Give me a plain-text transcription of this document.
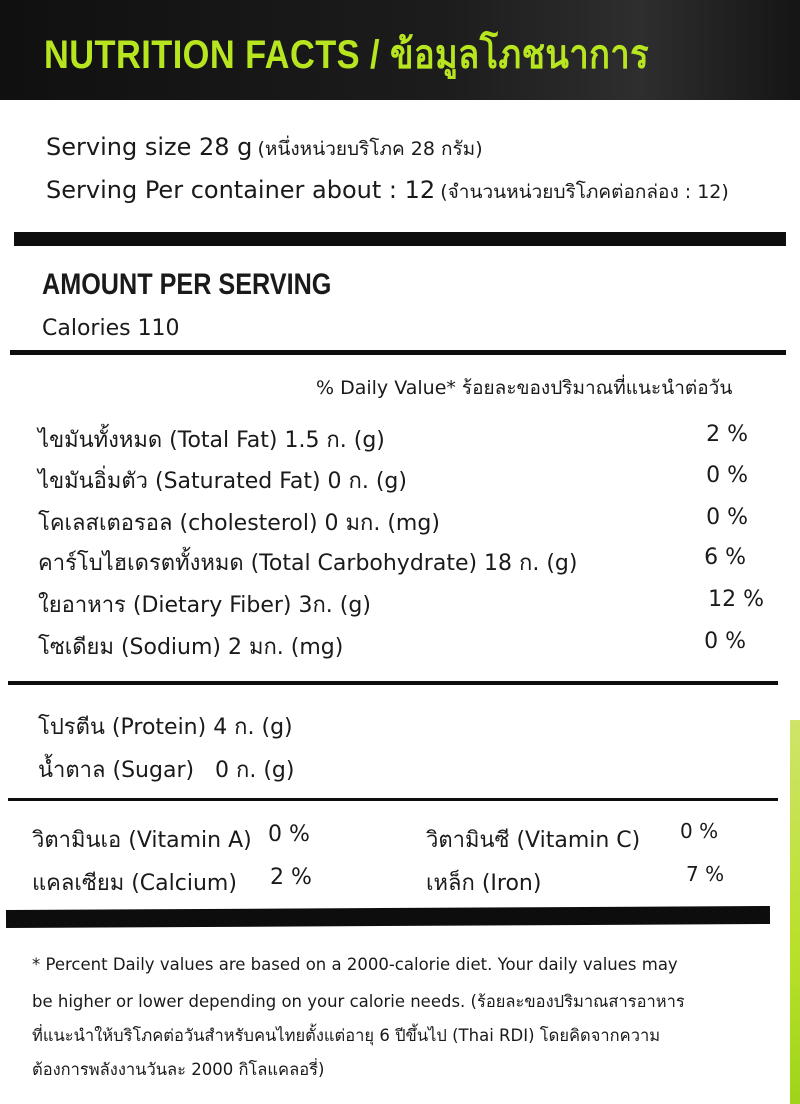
NUTRITION FACTS / ข้อมูลโภชนาการ
Serving size 28 g (หนึ่งหน่วยบริโภค 28 กรัม)
Serving Per container about : 12 (จำนวนหน่วยบริโภคต่อกล่อง : 12)
AMOUNT PER SERVING
Calories 110
% Daily Value* ร้อยละของปริมาณที่แนะนำต่อวัน
ไขมันทั้งหมด (Total Fat) 1.5 ก. (g)	2 %
ไขมันอิ่มตัว (Saturated Fat) 0 ก. (g)	0 %
โคเลสเตอรอล (cholesterol) 0 มก. (mg)	0 %
คาร์โบไฮเดรตทั้งหมด (Total Carbohydrate) 18 ก. (g)	6 %
ใยอาหาร (Dietary Fiber) 3ก. (g)	12 %
โซเดียม (Sodium) 2 มก. (mg)	0 %
โปรตีน (Protein) 4 ก. (g)

น้ำตาล (Sugar)   0 ก. (g)

วิตามินเอ (Vitamin A) 0 %	วิตามินซี (Vitamin C) 0 %
แคลเซียม (Calcium) 2 %	เหล็ก (Iron)	7 %
* Percent Daily values are based on a 2000-calorie diet. Your daily values may
be higher or lower depending on your calorie needs. (ร้อยละของปริมาณสารอาหาร
ที่แนะนำให้บริโภคต่อวันสำหรับคนไทยตั้งแต่อายุ 6 ปีขึ้นไป (Thai RDI) โดยคิดจากความ
ต้องการพลังงานวันละ 2000 กิโลแคลอรี่)
